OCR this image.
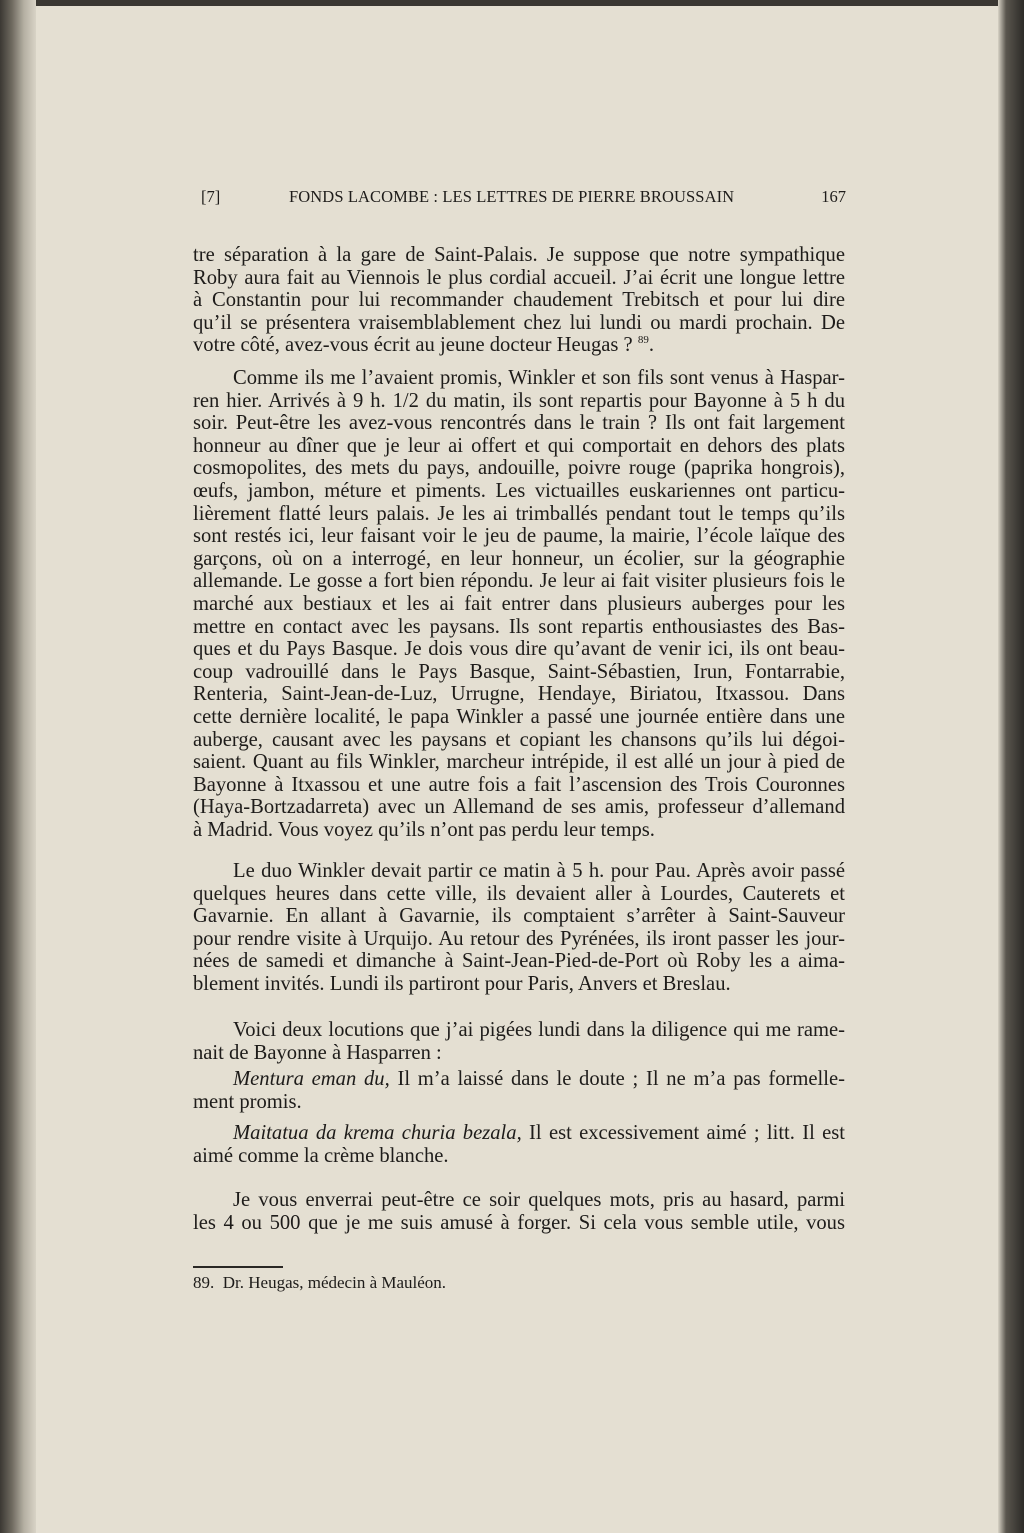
[7]	FONDS LACOMBE : LES LETTRES DE PIERRE BROUSSAIN	167
tre séparation à la gare de Saint-Palais. Je suppose que notre sympathique
Roby aura fait au Viennois le plus cordial accueil. J’ai écrit une longue lettre
à Constantin pour lui recommander chaudement Trebitsch et pour lui dire
qu’il se présentera vraisemblablement chez lui lundi ou mardi prochain. De
votre côté, avez-vous écrit au jeune docteur Heugas ? $^{89}$.
Comme ils me l’avaient promis, Winkler et son fils sont venus à Haspar-
ren hier. Arrivés à 9 h. 1/2 du matin, ils sont repartis pour Bayonne à 5 h du
soir. Peut-être les avez-vous rencontrés dans le train ? Ils ont fait largement
honneur au dîner que je leur ai offert et qui comportait en dehors des plats
cosmopolites, des mets du pays, andouille, poivre rouge (paprika hongrois),
œufs, jambon, méture et piments. Les victuailles euskariennes ont particu-
lièrement flatté leurs palais. Je les ai trimballés pendant tout le temps qu’ils
sont restés ici, leur faisant voir le jeu de paume, la mairie, l’école laïque des
garçons, où on a interrogé, en leur honneur, un écolier, sur la géographie
allemande. Le gosse a fort bien répondu. Je leur ai fait visiter plusieurs fois le
marché aux bestiaux et les ai fait entrer dans plusieurs auberges pour les
mettre en contact avec les paysans. Ils sont repartis enthousiastes des Bas-
ques et du Pays Basque. Je dois vous dire qu’avant de venir ici, ils ont beau-
coup vadrouillé dans le Pays Basque, Saint-Sébastien, Irun, Fontarrabie,
Renteria, Saint-Jean-de-Luz, Urrugne, Hendaye, Biriatou, Itxassou. Dans
cette dernière localité, le papa Winkler a passé une journée entière dans une
auberge, causant avec les paysans et copiant les chansons qu’ils lui dégoi-
saient. Quant au fils Winkler, marcheur intrépide, il est allé un jour à pied de
Bayonne à Itxassou et une autre fois a fait l’ascension des Trois Couronnes
(Haya-Bortzadarreta) avec un Allemand de ses amis, professeur d’allemand
à Madrid. Vous voyez qu’ils n’ont pas perdu leur temps.
Le duo Winkler devait partir ce matin à 5 h. pour Pau. Après avoir passé
quelques heures dans cette ville, ils devaient aller à Lourdes, Cauterets et
Gavarnie. En allant à Gavarnie, ils comptaient s’arrêter à Saint-Sauveur
pour rendre visite à Urquijo. Au retour des Pyrénées, ils iront passer les jour-
nées de samedi et dimanche à Saint-Jean-Pied-de-Port où Roby les a aima-
blement invités. Lundi ils partiront pour Paris, Anvers et Breslau.
Voici deux locutions que j’ai pigées lundi dans la diligence qui me rame-
nait de Bayonne à Hasparren :
Mentura eman du, Il m’a laissé dans le doute ; Il ne m’a pas formelle-
ment promis.
Maitatua da krema churia bezala, Il est excessivement aimé ; litt. Il est
aimé comme la crème blanche.
Je vous enverrai peut-être ce soir quelques mots, pris au hasard, parmi
les 4 ou 500 que je me suis amusé à forger. Si cela vous semble utile, vous
89. Dr. Heugas, médecin à Mauléon.
